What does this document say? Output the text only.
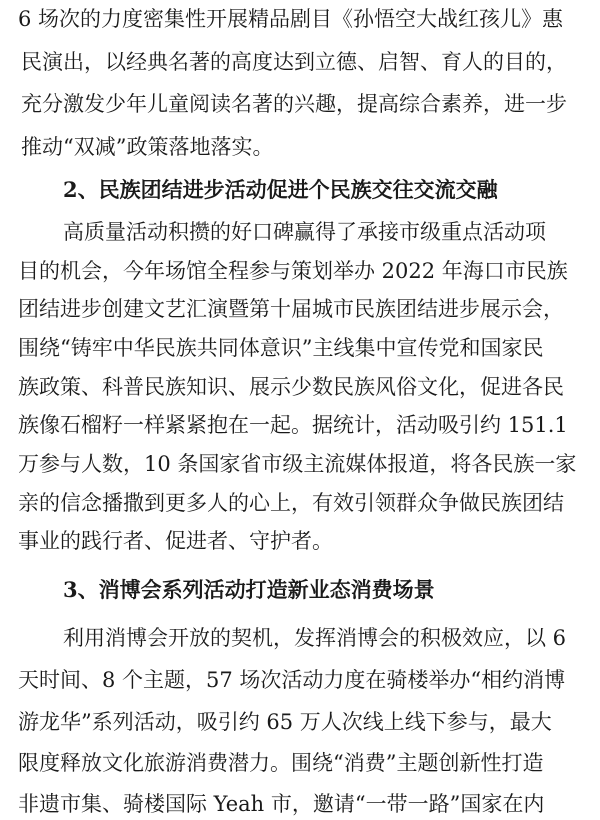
6 场次的力度密集性开展精品剧目《孙悟空大战红孩儿》惠
民演出，以经典名著的高度达到立德、启智、育人的目的，
充分激发少年儿童阅读名著的兴趣，提高综合素养，进一步
推动“双减”政策落地落实。
2、民族团结进步活动促进个民族交往交流交融
高质量活动积攒的好口碑赢得了承接市级重点活动项
目的机会，今年场馆全程参与策划举办 2022 年海口市民族
团结进步创建文艺汇演暨第十届城市民族团结进步展示会，
围绕“铸牢中华民族共同体意识”主线集中宣传党和国家民
族政策、科普民族知识、展示少数民族风俗文化，促进各民
族像石榴籽一样紧紧抱在一起。据统计，活动吸引约 151.1
万参与人数，10 条国家省市级主流媒体报道，将各民族一家
亲的信念播撒到更多人的心上，有效引领群众争做民族团结
事业的践行者、促进者、守护者。
3、消博会系列活动打造新业态消费场景
利用消博会开放的契机，发挥消博会的积极效应，以 6
天时间、8 个主题，57 场次活动力度在骑楼举办“相约消博
游龙华”系列活动，吸引约 65 万人次线上线下参与，最大
限度释放文化旅游消费潜力。围绕“消费”主题创新性打造
非遗市集、骑楼国际 Yeah 市，邀请“一带一路”国家在内
